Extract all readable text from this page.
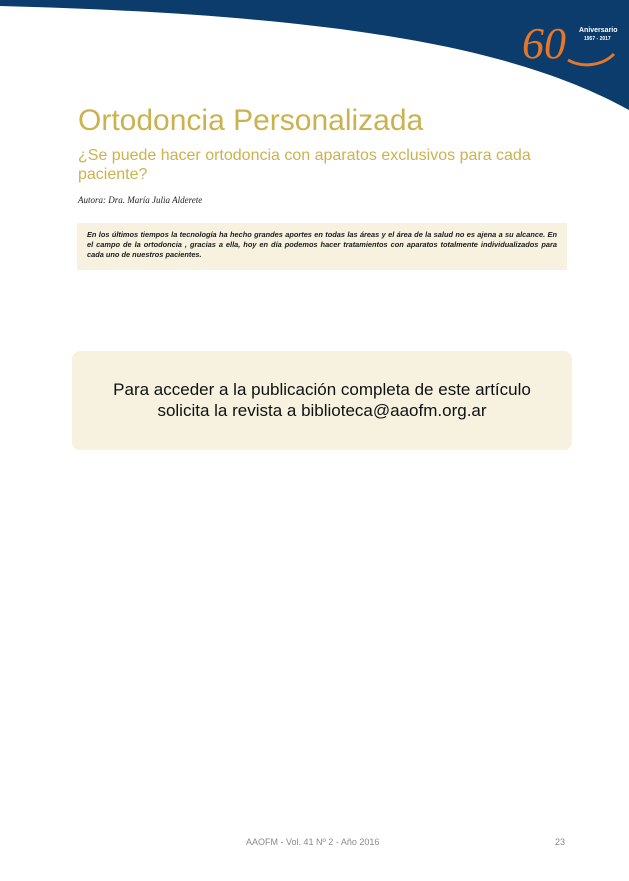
60 Aniversario
1957 - 2017
Ortodoncia Personalizada
¿Se puede hacer ortodoncia con aparatos exclusivos para cada paciente?

Autora: Dra. María Julia Alderete

En los últimos tiempos la tecnología ha hecho grandes aportes en todas las áreas y el área de la salud no es ajena a su alcance. En el campo de la ortodoncia , gracias a ella, hoy en día podemos hacer tratamientos con aparatos totalmente individualizados para cada uno de nuestros pacientes.
Para acceder a la publicación completa de este artículo
solicita la revista a biblioteca@aaofm.org.ar
AAOFM - Vol. 41 Nº 2 - Año 2016	23
